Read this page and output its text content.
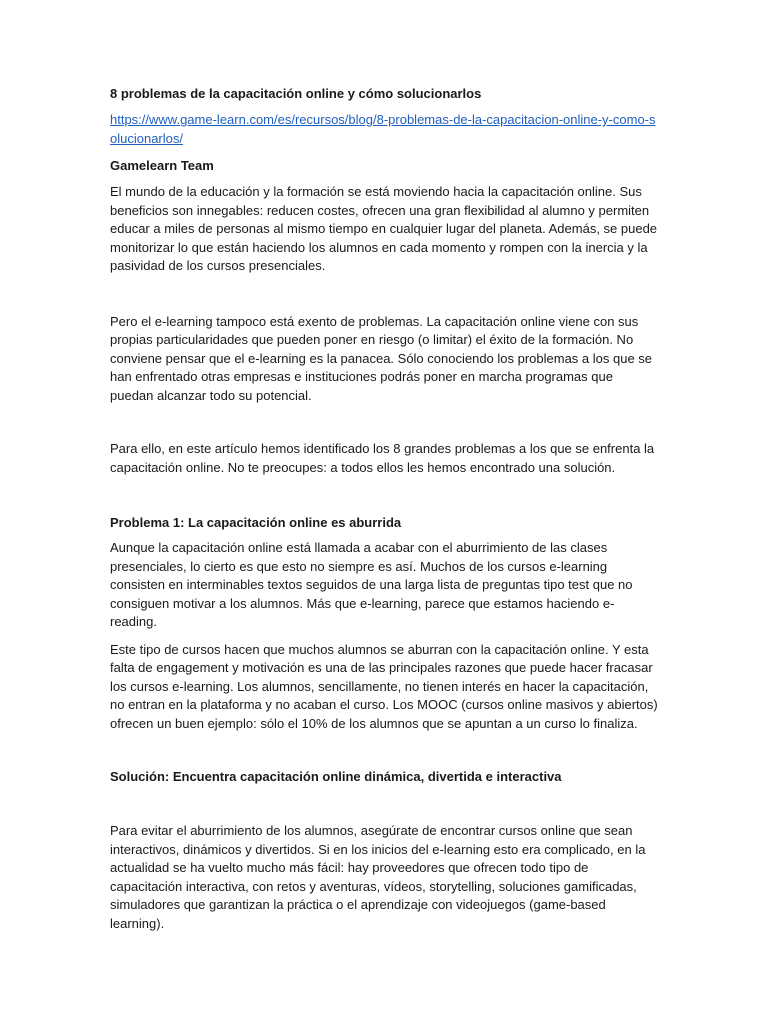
8 problemas de la capacitación online y cómo solucionarlos
https://www.game-learn.com/es/recursos/blog/8-problemas-de-la-capacitacion-online-y-como-solucionarlos/
Gamelearn Team

El mundo de la educación y la formación se está moviendo hacia la capacitación online. Sus beneficios son innegables: reducen costes, ofrecen una gran flexibilidad al alumno y permiten educar a miles de personas al mismo tiempo en cualquier lugar del planeta. Además, se puede monitorizar lo que están haciendo los alumnos en cada momento y rompen con la inercia y la pasividad de los cursos presenciales.

Pero el e-learning tampoco está exento de problemas. La capacitación online viene con sus propias particularidades que pueden poner en riesgo (o limitar) el éxito de la formación. No conviene pensar que el e-learning es la panacea. Sólo conociendo los problemas a los que se han enfrentado otras empresas e instituciones podrás poner en marcha programas que puedan alcanzar todo su potencial.

Para ello, en este artículo hemos identificado los 8 grandes problemas a los que se enfrenta la capacitación online. No te preocupes: a todos ellos les hemos encontrado una solución.

Problema 1: La capacitación online es aburrida

Aunque la capacitación online está llamada a acabar con el aburrimiento de las clases presenciales, lo cierto es que esto no siempre es así. Muchos de los cursos e-learning consisten en interminables textos seguidos de una larga lista de preguntas tipo test que no consiguen motivar a los alumnos. Más que e-learning, parece que estamos haciendo e-reading.

Este tipo de cursos hacen que muchos alumnos se aburran con la capacitación online. Y esta falta de engagement y motivación es una de las principales razones que puede hacer fracasar los cursos e-learning. Los alumnos, sencillamente, no tienen interés en hacer la capacitación, no entran en la plataforma y no acaban el curso. Los MOOC (cursos online masivos y abiertos) ofrecen un buen ejemplo: sólo el 10% de los alumnos que se apuntan a un curso lo finaliza.

Solución: Encuentra capacitación online dinámica, divertida e interactiva

Para evitar el aburrimiento de los alumnos, asegúrate de encontrar cursos online que sean interactivos, dinámicos y divertidos. Si en los inicios del e-learning esto era complicado, en la actualidad se ha vuelto mucho más fácil: hay proveedores que ofrecen todo tipo de capacitación interactiva, con retos y aventuras, vídeos, storytelling, soluciones gamificadas, simuladores que garantizan la práctica o el aprendizaje con videojuegos (game-based learning).
